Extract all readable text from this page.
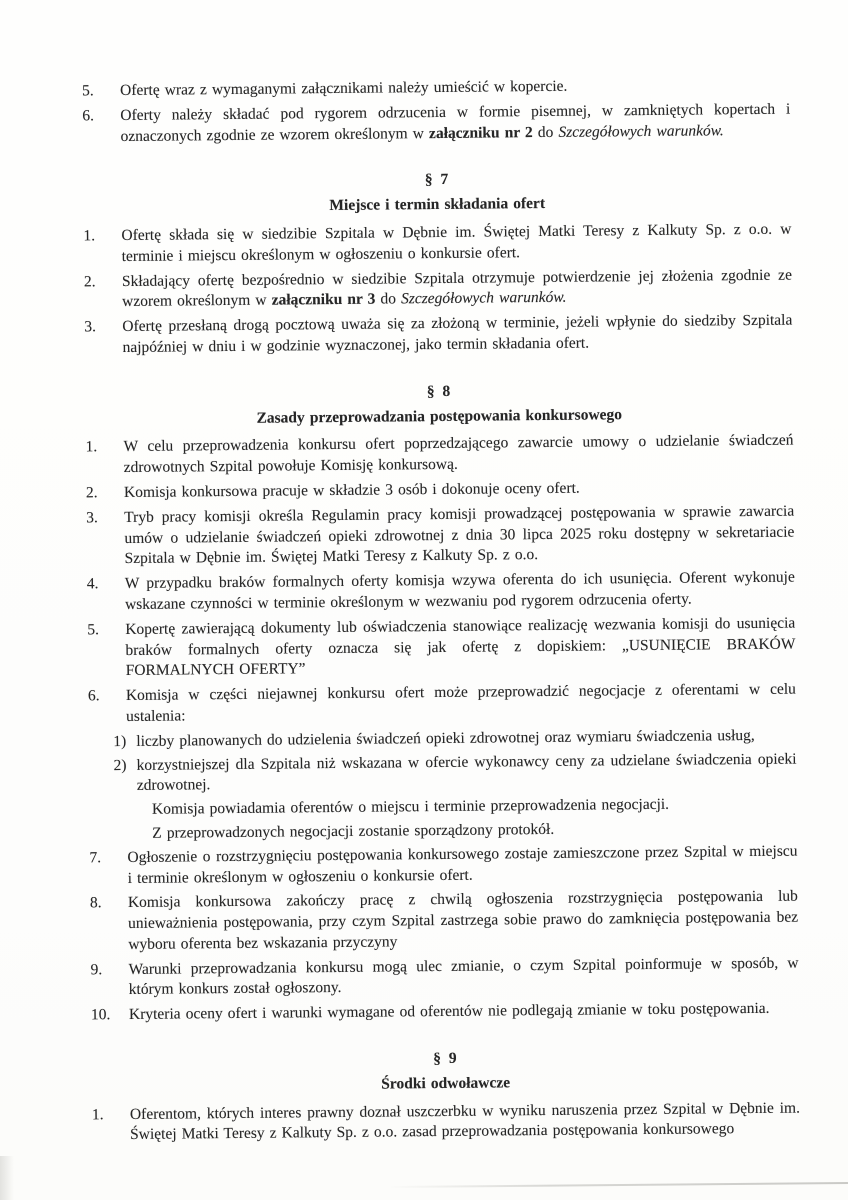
5. Ofertę wraz z wymaganymi załącznikami należy umieścić w kopercie.
6. Oferty należy składać pod rygorem odrzucenia w formie pisemnej, w zamkniętych kopertach i oznaczonych zgodnie ze wzorem określonym w załączniku nr 2 do Szczegółowych warunków.
§ 7
Miejsce i termin składania ofert
1. Ofertę składa się w siedzibie Szpitala w Dębnie im. Świętej Matki Teresy z Kalkuty Sp. z o.o. w terminie i miejscu określonym w ogłoszeniu o konkursie ofert.
2. Składający ofertę bezpośrednio w siedzibie Szpitala otrzymuje potwierdzenie jej złożenia zgodnie ze wzorem określonym w załączniku nr 3 do Szczegółowych warunków.
3. Ofertę przesłaną drogą pocztową uważa się za złożoną w terminie, jeżeli wpłynie do siedziby Szpitala najpóźniej w dniu i w godzinie wyznaczonej, jako termin składania ofert.
§ 8
Zasady przeprowadzania postępowania konkursowego
1. W celu przeprowadzenia konkursu ofert poprzedzającego zawarcie umowy o udzielanie świadczeń zdrowotnych Szpital powołuje Komisję konkursową.
2. Komisja konkursowa pracuje w składzie 3 osób i dokonuje oceny ofert.
3. Tryb pracy komisji określa Regulamin pracy komisji prowadzącej postępowania w sprawie zawarcia umów o udzielanie świadczeń opieki zdrowotnej z dnia 30 lipca 2025 roku dostępny w sekretariacie Szpitala w Dębnie im. Świętej Matki Teresy z Kalkuty Sp. z o.o.
4. W przypadku braków formalnych oferty komisja wzywa oferenta do ich usunięcia. Oferent wykonuje wskazane czynności w terminie określonym w wezwaniu pod rygorem odrzucenia oferty.
5. Kopertę zawierającą dokumenty lub oświadczenia stanowiące realizację wezwania komisji do usunięcia braków formalnych oferty oznacza się jak ofertę z dopiskiem: „USUNIĘCIE BRAKÓW FORMALNYCH OFERTY”
6. Komisja w części niejawnej konkursu ofert może przeprowadzić negocjacje z oferentami w celu ustalenia:
1) liczby planowanych do udzielenia świadczeń opieki zdrowotnej oraz wymiaru świadczenia usług,
2) korzystniejszej dla Szpitala niż wskazana w ofercie wykonawcy ceny za udzielane świadczenia opieki zdrowotnej.
Komisja powiadamia oferentów o miejscu i terminie przeprowadzenia negocjacji.
Z przeprowadzonych negocjacji zostanie sporządzony protokół.
7. Ogłoszenie o rozstrzygnięciu postępowania konkursowego zostaje zamieszczone przez Szpital w miejscu i terminie określonym w ogłoszeniu o konkursie ofert.
8. Komisja konkursowa zakończy pracę z chwilą ogłoszenia rozstrzygnięcia postępowania lub unieważnienia postępowania, przy czym Szpital zastrzega sobie prawo do zamknięcia postępowania bez wyboru oferenta bez wskazania przyczyny
9. Warunki przeprowadzania konkursu mogą ulec zmianie, o czym Szpital poinformuje w sposób, w którym konkurs został ogłoszony.
10. Kryteria oceny ofert i warunki wymagane od oferentów nie podlegają zmianie w toku postępowania.
§ 9
Środki odwoławcze
1. Oferentom, których interes prawny doznał uszczerbku w wyniku naruszenia przez Szpital w Dębnie im. Świętej Matki Teresy z Kalkuty Sp. z o.o. zasad przeprowadzania postępowania konkursowego
